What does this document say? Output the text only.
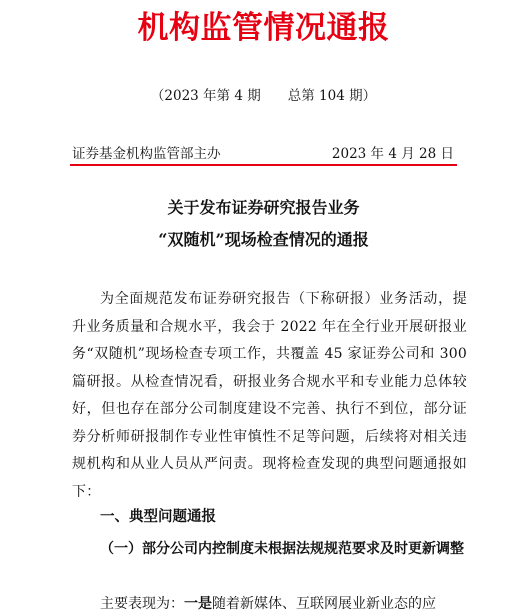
机构监管情况通报
（2023 年第 4 期　　总第 104 期）
证券基金机构监管部主办	2023 年 4 月 28 日
关于发布证券研究报告业务
“双随机”现场检查情况的通报
为全面规范发布证券研究报告（下称研报）业务活动，提升业务质量和合规水平，我会于 2022 年在全行业开展研报业务“双随机”现场检查专项工作，共覆盖 45 家证券公司和 300 篇研报。从检查情况看，研报业务合规水平和专业能力总体较好，但也存在部分公司制度建设不完善、执行不到位，部分证券分析师研报制作专业性审慎性不足等问题，后续将对相关违规机构和从业人员从严问责。现将检查发现的典型问题通报如下：
一、典型问题通报
（一）部分公司内控制度未根据法规规范要求及时更新调整
主要表现为：一是随着新媒体、互联网展业新业态的应
